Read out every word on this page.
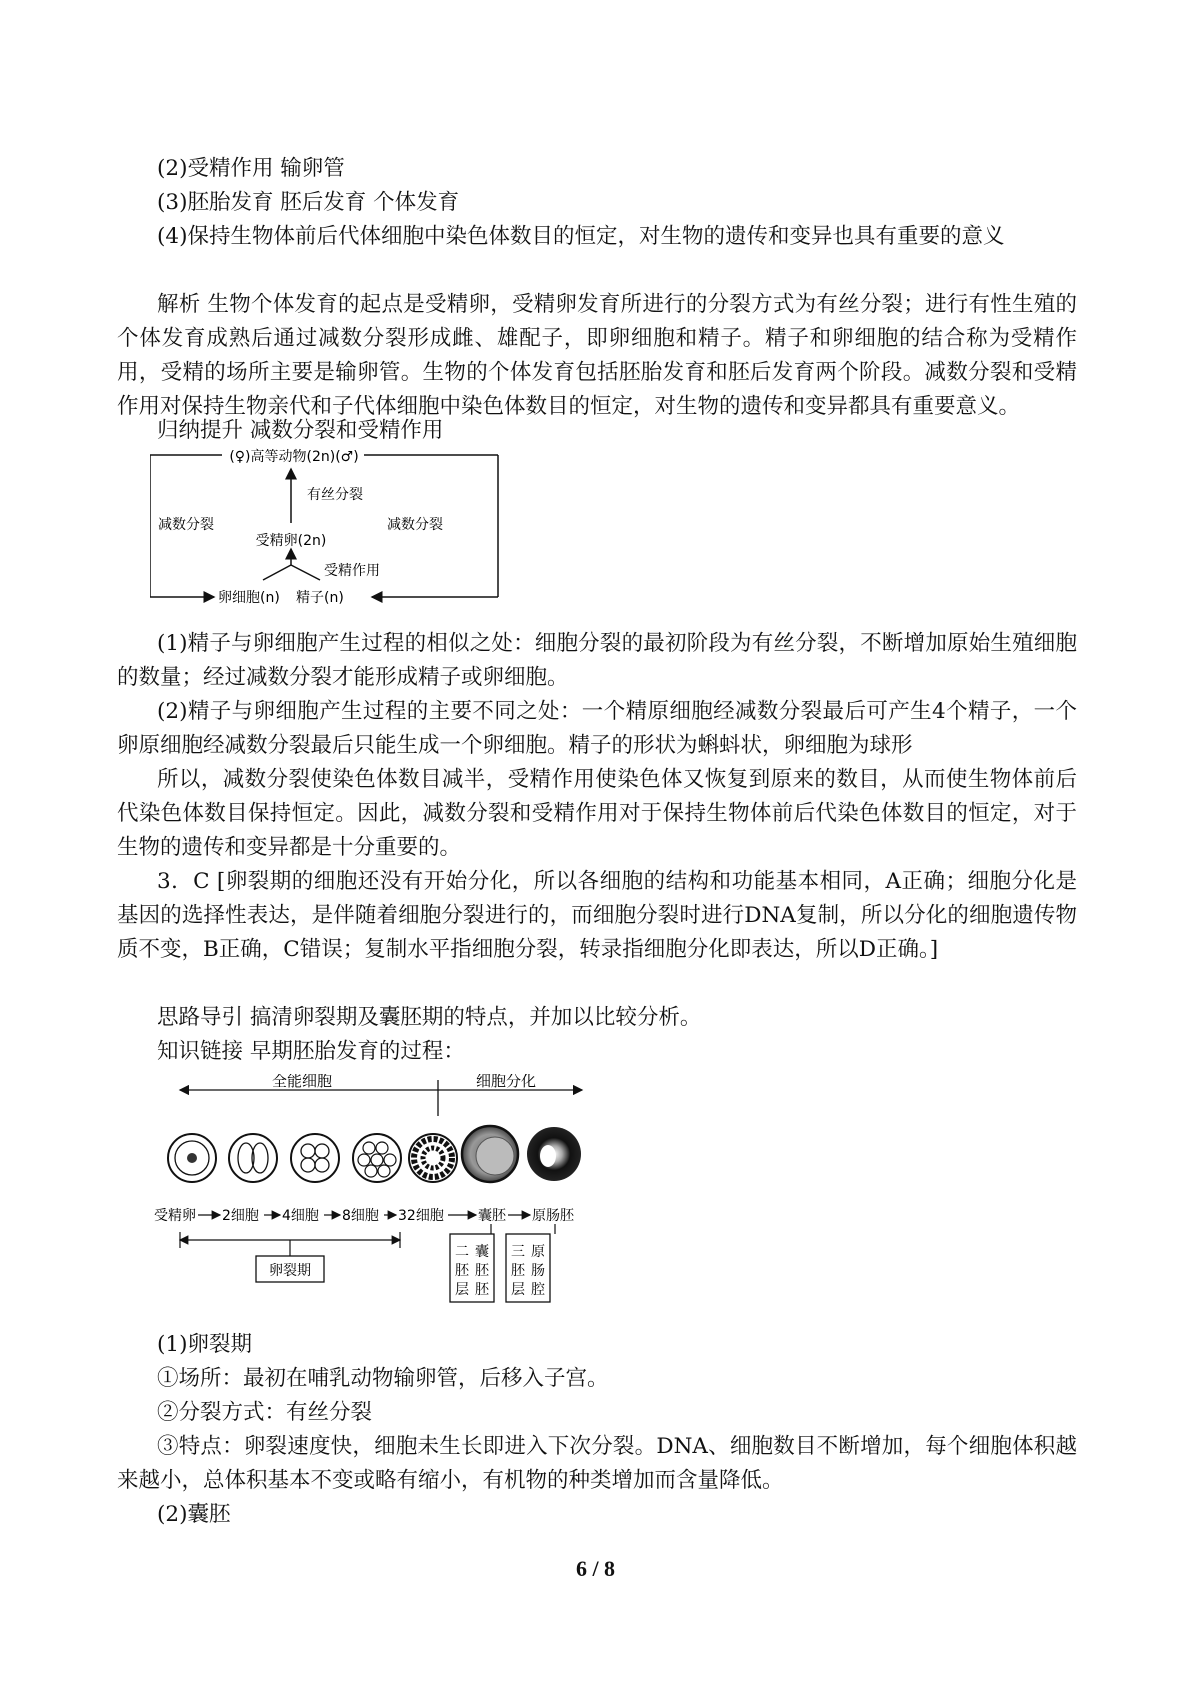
(2)受精作用 输卵管

(3)胚胎发育 胚后发育 个体发育

(4)保持生物体前后代体细胞中染色体数目的恒定，对生物的遗传和变异也具有重要的意义

解析 生物个体发育的起点是受精卵，受精卵发育所进行的分裂方式为有丝分裂；进行有性生殖的个体发育成熟后通过减数分裂形成雌、雄配子，即卵细胞和精子。精子和卵细胞的结合称为受精作用，受精的场所主要是输卵管。生物的个体发育包括胚胎发育和胚后发育两个阶段。减数分裂和受精作用对保持生物亲代和子代体细胞中染色体数目的恒定，对生物的遗传和变异都具有重要意义。

归纳提升 减数分裂和受精作用

(♀)高等动物(2n)(♂)
有丝分裂
减数分裂	减数分裂
受精卵(2n)
受精作用
卵细胞(n) 精子(n)

(1)精子与卵细胞产生过程的相似之处：细胞分裂的最初阶段为有丝分裂，不断增加原始生殖细胞的数量；经过减数分裂才能形成精子或卵细胞。

(2)精子与卵细胞产生过程的主要不同之处：一个精原细胞经减数分裂最后可产生4个精子，一个卵原细胞经减数分裂最后只能生成一个卵细胞。精子的形状为蝌蚪状，卵细胞为球形

所以，减数分裂使染色体数目减半，受精作用使染色体又恢复到原来的数目，从而使生物体前后代染色体数目保持恒定。因此，减数分裂和受精作用对于保持生物体前后代染色体数目的恒定，对于生物的遗传和变异都是十分重要的。

3．C [卵裂期的细胞还没有开始分化，所以各细胞的结构和功能基本相同，A正确；细胞分化是基因的选择性表达，是伴随着细胞分裂进行的，而细胞分裂时进行DNA复制，所以分化的细胞遗传物质不变，B正确，C错误；复制水平指细胞分裂，转录指细胞分化即表达，所以D正确。]

思路导引 搞清卵裂期及囊胚期的特点，并加以比较分析。

知识链接 早期胚胎发育的过程：

全能细胞	细胞分化
受精卵 2细胞 4细胞 8细胞 32细胞 囊胚 原肠胚
卵裂期
二 囊
胚 胚
层 胚
三 原
胚 肠
层 腔

(1)卵裂期

①场所：最初在哺乳动物输卵管，后移入子宫。

②分裂方式：有丝分裂

③特点：卵裂速度快，细胞未生长即进入下次分裂。DNA、细胞数目不断增加，每个细胞体积越来越小，总体积基本不变或略有缩小，有机物的种类增加而含量降低。

(2)囊胚

6 / 8
